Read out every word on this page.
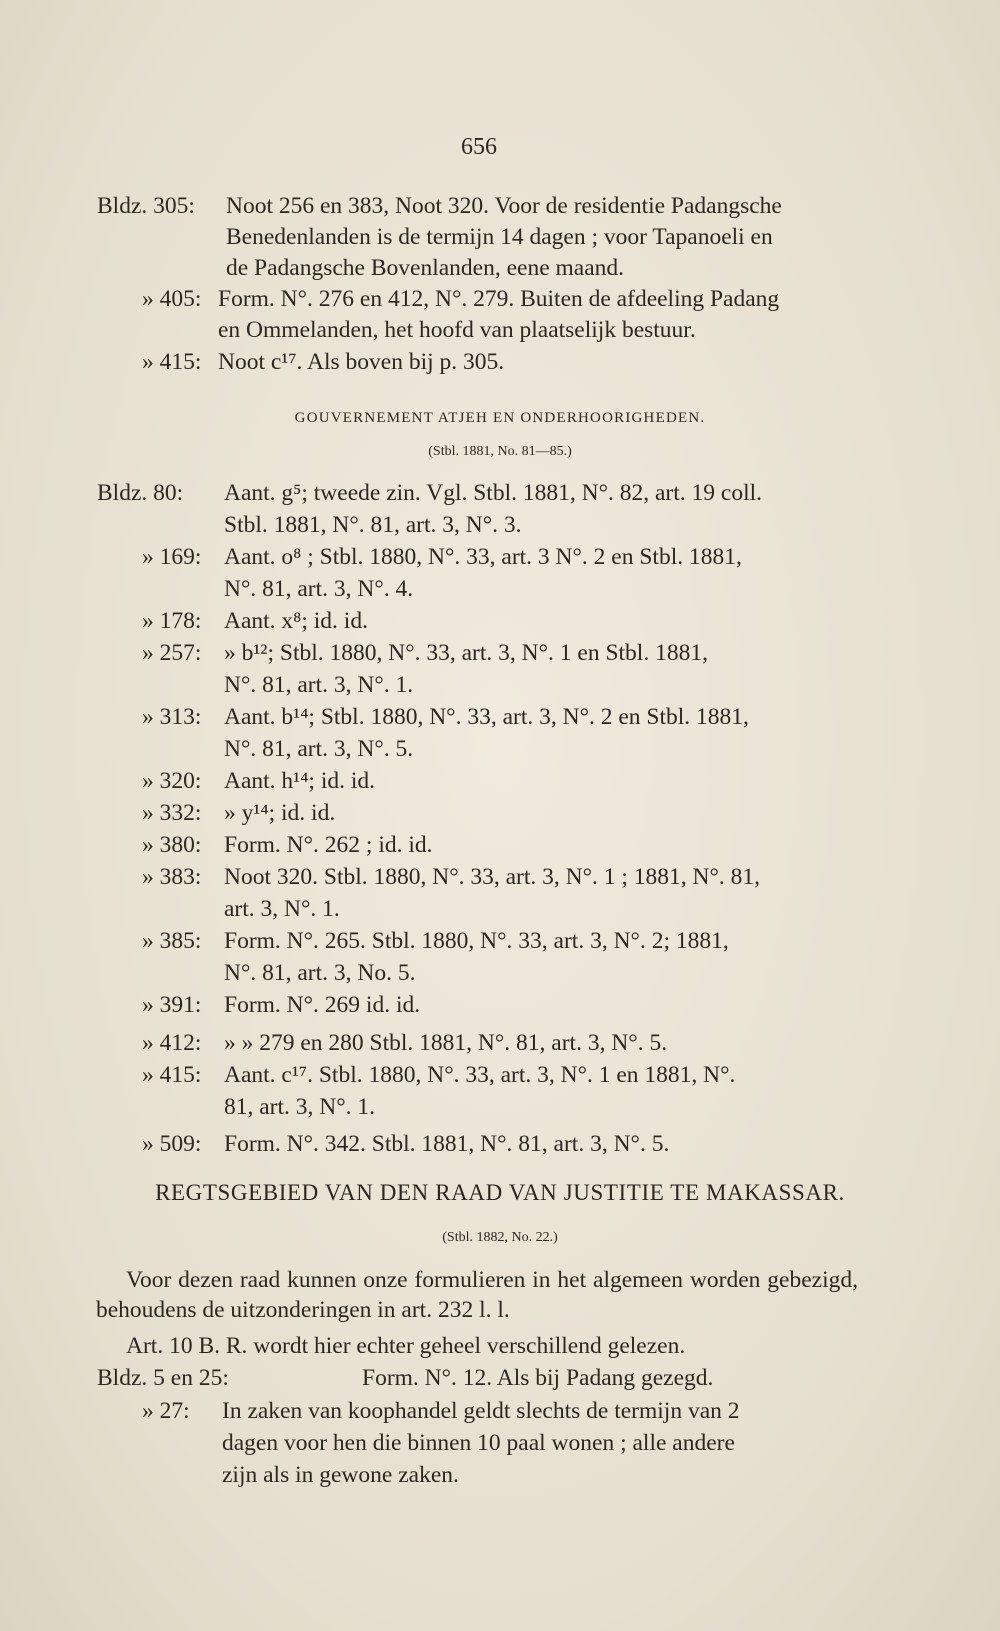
656
Bldz. 305:	Noot 256 en 383, Noot 320. Voor de residentie Padangsche
Benedenlanden is de termijn 14 dagen ; voor Tapanoeli en
de Padangsche Bovenlanden, eene maand.
» 405: Form. N°. 276 en 412, N°. 279. Buiten de afdeeling Padang
en Ommelanden, het hoofd van plaatselijk bestuur.
» 415: Noot c¹⁷. Als boven bij p. 305.
GOUVERNEMENT ATJEH EN ONDERHOORIGHEDEN.
(Stbl. 1881, No. 81—85.)
Bldz. 80:	Aant. g⁵; tweede zin. Vgl. Stbl. 1881, N°. 82, art. 19 coll.
Stbl. 1881, N°. 81, art. 3, N°. 3.
» 169: Aant. o⁸ ; Stbl. 1880, N°. 33, art. 3 N°. 2 en Stbl. 1881,
N°. 81, art. 3, N°. 4.
» 178: Aant. x⁸; id. id.
» 257: » b¹²; Stbl. 1880, N°. 33, art. 3, N°. 1 en Stbl. 1881,
N°. 81, art. 3, N°. 1.
» 313: Aant. b¹⁴; Stbl. 1880, N°. 33, art. 3, N°. 2 en Stbl. 1881,
N°. 81, art. 3, N°. 5.
» 320: Aant. h¹⁴; id. id.
» 332: » y¹⁴; id. id.
» 380: Form. N°. 262 ; id. id.
» 383: Noot 320. Stbl. 1880, N°. 33, art. 3, N°. 1 ; 1881, N°. 81,
art. 3, N°. 1.
» 385: Form. N°. 265. Stbl. 1880, N°. 33, art. 3, N°. 2; 1881,
N°. 81, art. 3, No. 5.
» 391: Form. N°. 269 id. id.
» 412: » » 279 en 280 Stbl. 1881, N°. 81, art. 3, N°. 5.
» 415: Aant. c¹⁷. Stbl. 1880, N°. 33, art. 3, N°. 1 en 1881, N°.
81, art. 3, N°. 1.
» 509: Form. N°. 342. Stbl. 1881, N°. 81, art. 3, N°. 5.
REGTSGEBIED VAN DEN RAAD VAN JUSTITIE TE MAKASSAR.
(Stbl. 1882, No. 22.)
Voor dezen raad kunnen onze formulieren in het algemeen worden gebezigd, behoudens de uitzonderingen in art. 232 l. l.
Art. 10 B. R. wordt hier echter geheel verschillend gelezen.
Bldz. 5 en 25:	Form. N°. 12. Als bij Padang gezegd.
» 27:	In zaken van koophandel geldt slechts de termijn van 2
dagen voor hen die binnen 10 paal wonen ; alle andere
zijn als in gewone zaken.
